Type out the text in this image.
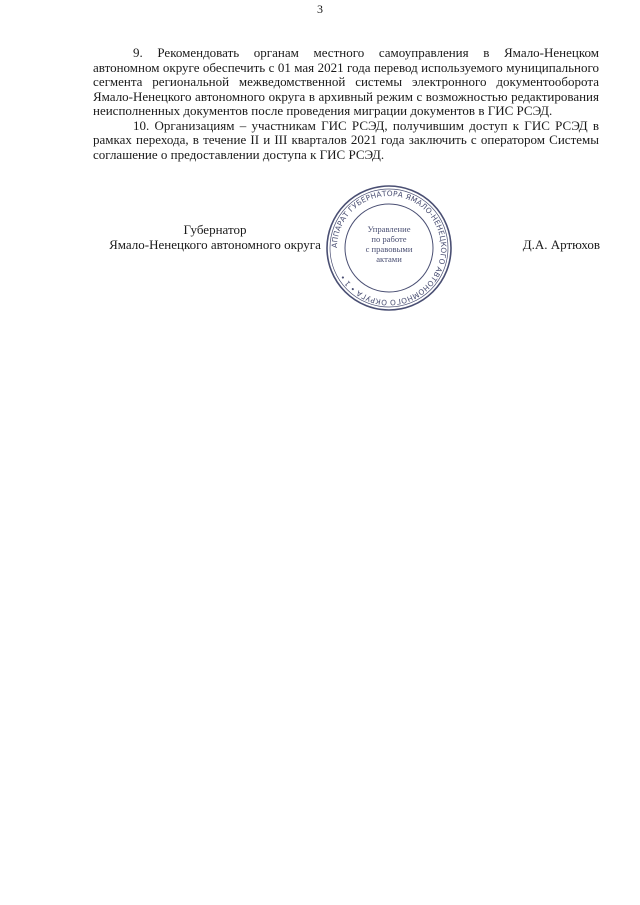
3

9. Рекомендовать органам местного самоуправления в Ямало-Ненецком автономном округе обеспечить с 01 мая 2021 года перевод используемого муниципального сегмента региональной межведомственной системы электронного документооборота Ямало-Ненецкого автономного округа в архивный режим с возможностью редактирования неисполненных документов после проведения миграции документов в ГИС РСЭД.

10. Организациям – участникам ГИС РСЭД, получившим доступ к ГИС РСЭД в рамках перехода, в течение II и III кварталов 2021 года заключить с оператором Системы соглашение о предоставлении доступа к ГИС РСЭД.

Губернатор
Ямало-Ненецкого автономного округа	Д.А. Артюхов
АППАРАТ ГУБЕРНАТОРА ЯМАЛО-НЕНЕЦКОГО АВТОНОМНОГО ОКРУГА • 1 •
Управление
по работе
с правовыми
актами
